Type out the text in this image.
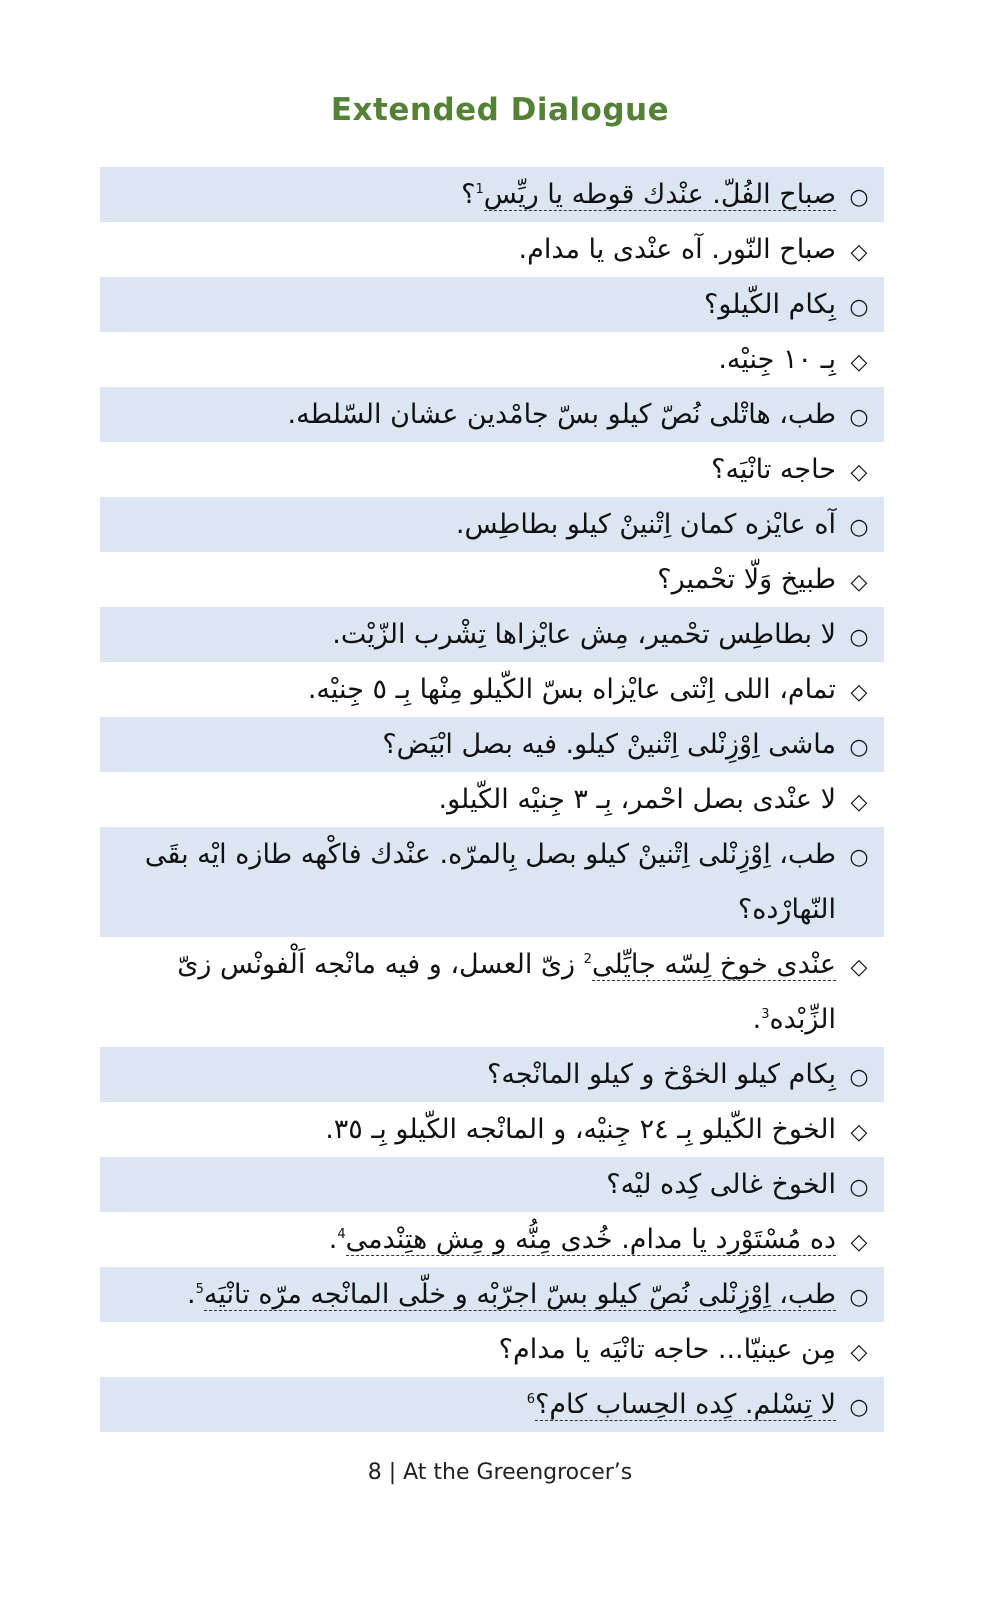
Extended Dialogue
○
صباح الفُلّ. عنْدك قوطه يا ريِّس$^1$؟
◇
صباح النّور. آه عنْدى يا مدام.
○
بِكام الكّيلو؟
◇
بِـ ١٠ جِنيْه.
○
طب، هاتْلى نُصّ كيلو بسّ جامْدين عشان السّلطه.
◇
حاجه تانْيَه؟
○
آه عايْزه كمان اِتْنينْ كيلو بطاطِس.
◇
طبيخ وَلّا تحْمير؟
○
لا بطاطِس تحْمير، مِش عايْزاها تِشْرب الزّيْت.
◇
تمام، اللى اِنْتى عايْزاه بسّ الكّيلو مِنْها بِـ ٥ جِنيْه.
○
ماشى اِوْزِنْلى اِتْنينْ كيلو. فيه بصل ابْيَض؟
◇
لا عنْدى بصل احْمر، بِـ ٣ جِنيْه الكّيلو.
○
طب، اِوْزِنْلى اِتْنينْ كيلو بصل بِالمرّه. عنْدك فاكْهه طازه ايْه بقَى النّهارْده؟
◇
عنْدى خوخ لِسّه جايِّلى$^2$ زىّ العسل، و فيه مانْجه اَلْفونْس زىّ الزِّبْده$^3$.
○
بِكام كيلو الخوْخ و كيلو المانْجه؟
◇
الخوخ الكّيلو بِـ ٢٤ جِنيْه، و المانْجه الكّيلو بِـ ٣٥.
○
الخوخ غالى كِده ليْه؟
◇
ده مُسْتَوْرد يا مدام. خُدى مِنُّه و مِش هتِنْدمى$^4$.
○
طب، اِوْزِنْلى نُصّ كيلو بسّ اجرّبْه و خلّى المانْجه مرّه تانْيَه$^5$.
◇
مِن عينيّا... حاجه تانْيَه يا مدام؟
○
لا تِسْلم. كِده الحِساب كام؟$^6$
8 | At the Greengrocer’s
